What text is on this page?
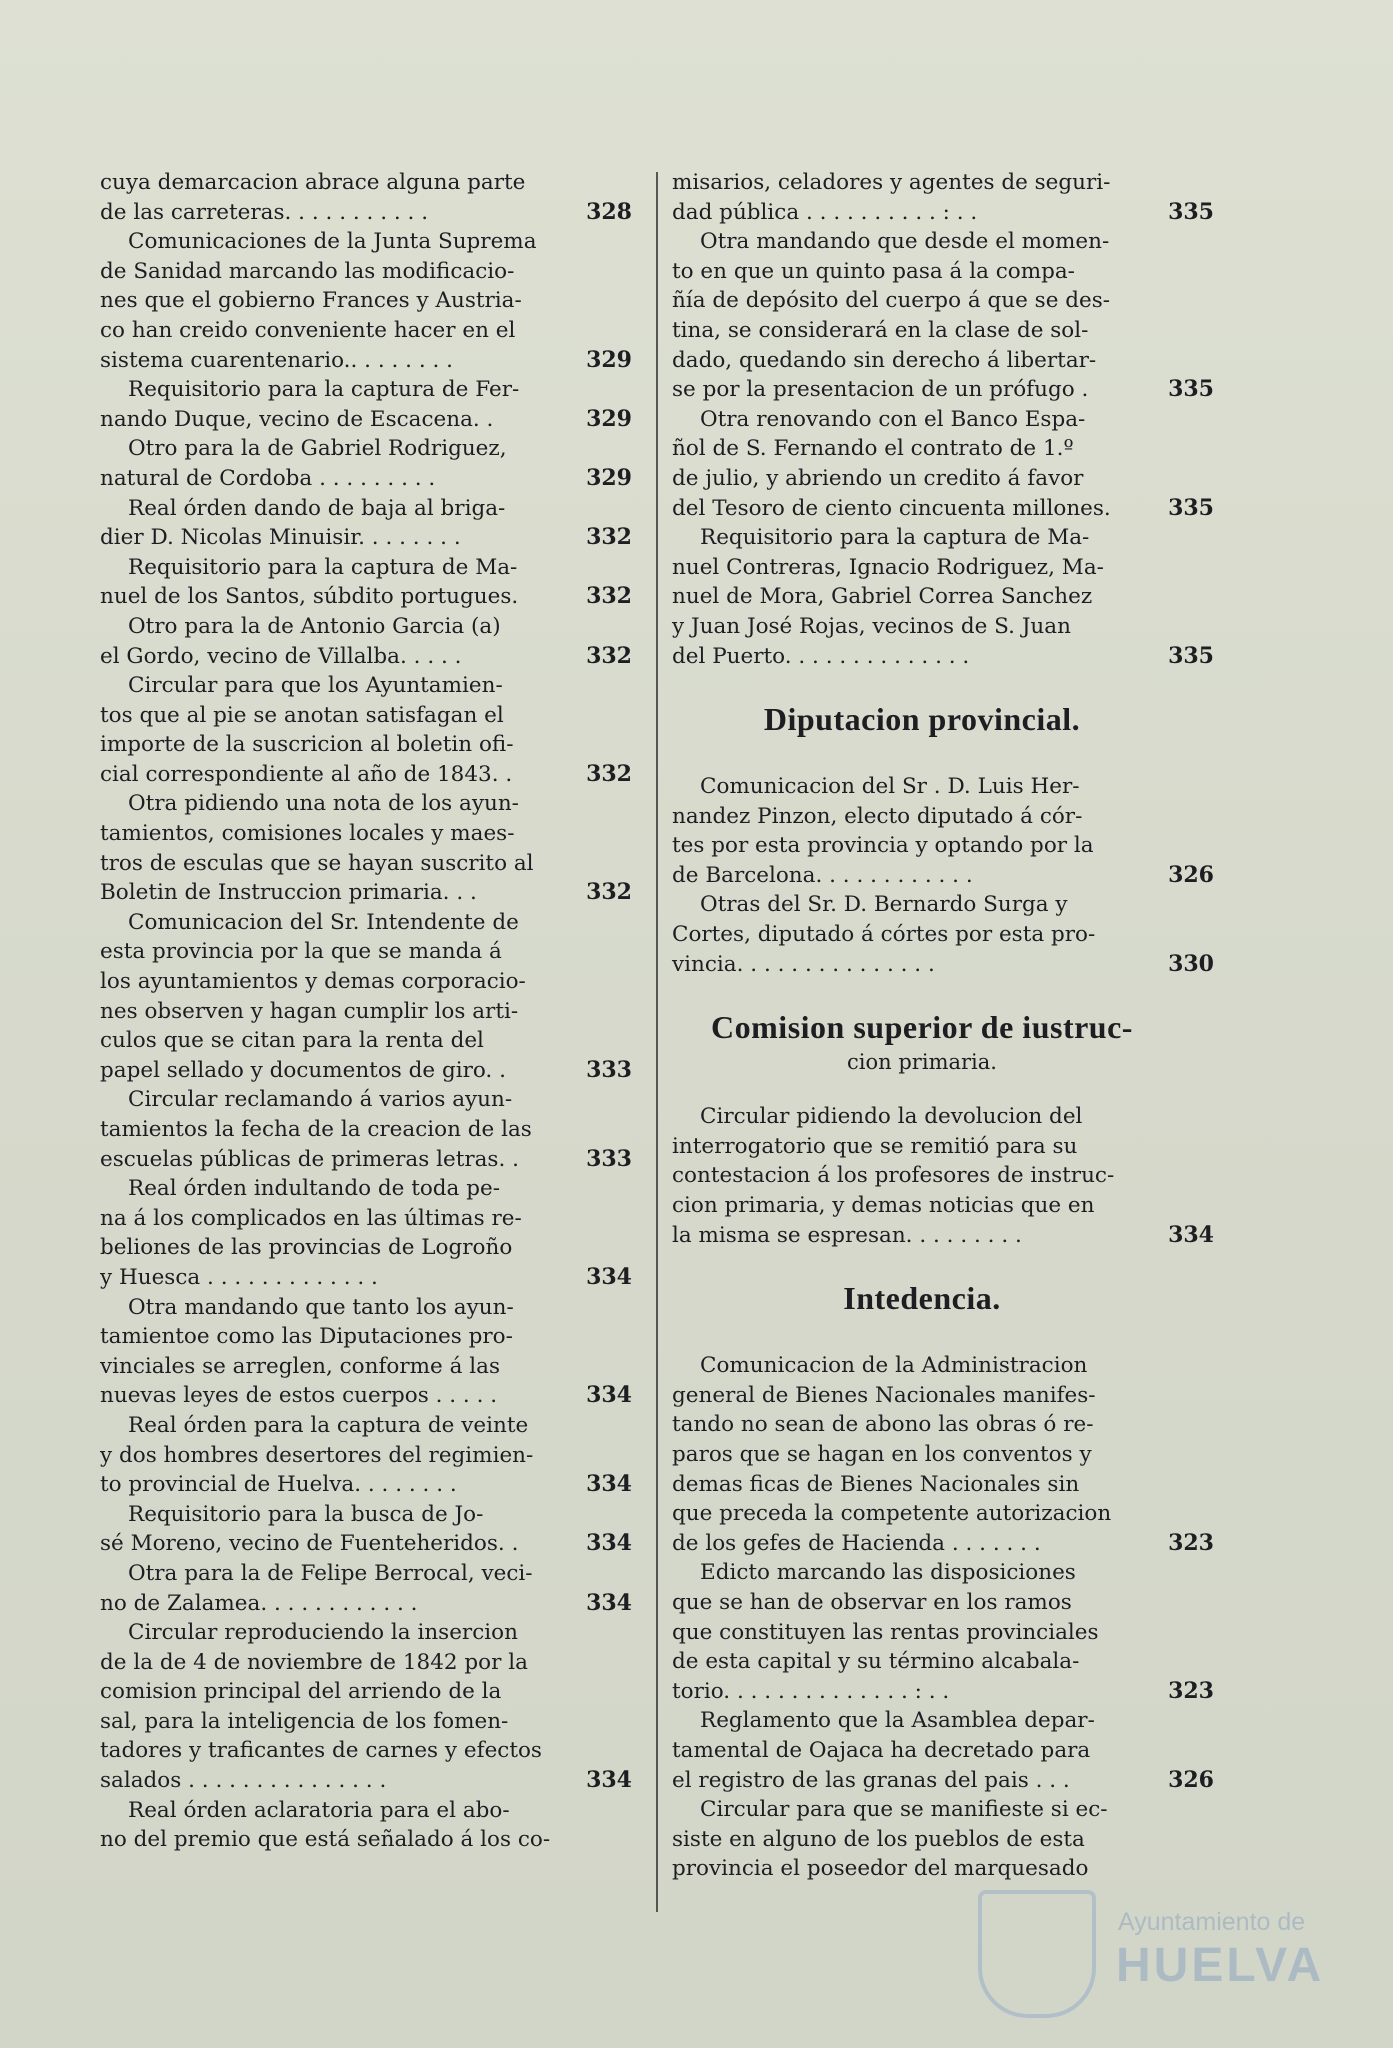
cuya demarcacion abrace alguna parte
de las carreteras. . . . . . . . . . .	328
Comunicaciones de la Junta Suprema
de Sanidad marcando las modificacio-
nes que el gobierno Frances y Austria-
co han creido conveniente hacer en el
sistema cuarentenario.. . . . . . . .	329
Requisitorio para la captura de Fer-
nando Duque, vecino de Escacena. .	329
Otro para la de Gabriel Rodriguez,
natural de Cordoba . . . . . . . . .	329
Real órden dando de baja al briga-
dier D. Nicolas Minuisir. . . . . . . .	332
Requisitorio para la captura de Ma-
nuel de los Santos, súbdito portugues.	332
Otro para la de Antonio Garcia (a)
el Gordo, vecino de Villalba. . . . .	332
Circular para que los Ayuntamien-
tos que al pie se anotan satisfagan el
importe de la suscricion al boletin ofi-
cial correspondiente al año de 1843. .	332
Otra pidiendo una nota de los ayun-
tamientos, comisiones locales y maes-
tros de esculas que se hayan suscrito al
Boletin de Instruccion primaria. . .	332
Comunicacion del Sr. Intendente de
esta provincia por la que se manda á
los ayuntamientos y demas corporacio-
nes observen y hagan cumplir los arti-
culos que se citan para la renta del
papel sellado y documentos de giro. .	333
Circular reclamando á varios ayun-
tamientos la fecha de la creacion de las
escuelas públicas de primeras letras. .	333
Real órden indultando de toda pe-
na á los complicados en las últimas re-
beliones de las provincias de Logroño
y Huesca . . . . . . . . . . . . .	334
Otra mandando que tanto los ayun-
tamientoe como las Diputaciones pro-
vinciales se arreglen, conforme á las
nuevas leyes de estos cuerpos . . . . .	334
Real órden para la captura de veinte
y dos hombres desertores del regimien-
to provincial de Huelva. . . . . . . .	334
Requisitorio para la busca de Jo-
sé Moreno, vecino de Fuenteheridos. .	334
Otra para la de Felipe Berrocal, veci-
no de Zalamea. . . . . . . . . . . .	334
Circular reproduciendo la insercion
de la de 4 de noviembre de 1842 por la
comision principal del arriendo de la
sal, para la inteligencia de los fomen-
tadores y traficantes de carnes y efectos
salados . . . . . . . . . . . . . . .	334
Real órden aclaratoria para el abo-
no del premio que está señalado á los co-
misarios, celadores y agentes de seguri-
dad pública . . . . . . . . . . : . .	335
Otra mandando que desde el momen-
to en que un quinto pasa á la compa-
ñía de depósito del cuerpo á que se des-
tina, se considerará en la clase de sol-
dado, quedando sin derecho á libertar-
se por la presentacion de un prófugo .	335
Otra renovando con el Banco Espa-
ñol de S. Fernando el contrato de 1.º
de julio, y abriendo un credito á favor
del Tesoro de ciento cincuenta millones.	335
Requisitorio para la captura de Ma-
nuel Contreras, Ignacio Rodriguez, Ma-
nuel de Mora, Gabriel Correa Sanchez
y Juan José Rojas, vecinos de S. Juan
del Puerto. . . . . . . . . . . . . .	335
Diputacion provincial.
Comunicacion del Sr . D. Luis Her-
nandez Pinzon, electo diputado á cór-
tes por esta provincia y optando por la
de Barcelona. . . . . . . . . . . .	326
Otras del Sr. D. Bernardo Surga y
Cortes, diputado á córtes por esta pro-
vincia. . . . . . . . . . . . . . .	330
Comision superior de iustruc-
cion primaria.
Circular pidiendo la devolucion del
interrogatorio que se remitió para su
contestacion á los profesores de instruc-
cion primaria, y demas noticias que en
la misma se espresan. . . . . . . . .	334
Intedencia.
Comunicacion de la Administracion
general de Bienes Nacionales manifes-
tando no sean de abono las obras ó re-
paros que se hagan en los conventos y
demas ficas de Bienes Nacionales sin
que preceda la competente autorizacion
de los gefes de Hacienda . . . . . . .	323
Edicto marcando las disposiciones
que se han de observar en los ramos
que constituyen las rentas provinciales
de esta capital y su término alcabala-
torio. . . . . . . . . . . . . . : . .	323
Reglamento que la Asamblea depar-
tamental de Oajaca ha decretado para
el registro de las granas del pais . . .	326
Circular para que se manifieste si ec-
siste en alguno de los pueblos de esta
provincia el poseedor del marquesado
Ayuntamiento de
HUELVA
